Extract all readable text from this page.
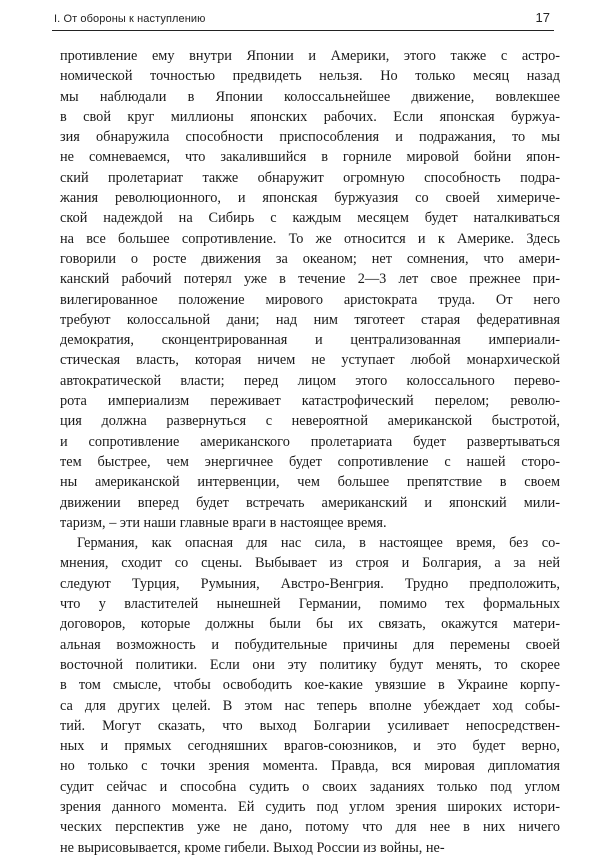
I. От обороны к наступлению	17
противление ему внутри Японии и Америки, этого также с астро-
номической точностью предвидеть нельзя. Но только месяц назад
мы наблюдали в Японии колоссальнейшее движение, вовлекшее
в свой круг миллионы японских рабочих. Если японская буржуа-
зия обнаружила способности приспособления и подражания, то мы
не сомневаемся, что закалившийся в горниле мировой бойни япон-
ский пролетариат также обнаружит огромную способность подра-
жания революционного, и японская буржуазия со своей химериче-
ской надеждой на Сибирь с каждым месяцем будет наталкиваться
на все большее сопротивление. То же относится и к Америке. Здесь
говорили о росте движения за океаном; нет сомнения, что амери-
канский рабочий потерял уже в течение 2—3 лет свое прежнее при-
вилегированное положение мирового аристократа труда. От него
требуют колоссальной дани; над ним тяготеет старая федеративная
демократия, сконцентрированная и централизованная империали-
стическая власть, которая ничем не уступает любой монархической
автократической власти; перед лицом этого колоссального перево-
рота империализм переживает катастрофический перелом; револю-
ция должна развернуться с невероятной американской быстротой,
и сопротивление американского пролетариата будет развертываться
тем быстрее, чем энергичнее будет сопротивление с нашей сторо-
ны американской интервенции, чем большее препятствие в своем
движении вперед будет встречать американский и японский мили-
таризм, – эти наши главные враги в настоящее время.
Германия, как опасная для нас сила, в настоящее время, без со-
мнения, сходит со сцены. Выбывает из строя и Болгария, а за ней
следуют Турция, Румыния, Австро-Венгрия. Трудно предположить,
что у властителей нынешней Германии, помимо тех формальных
договоров, которые должны были бы их связать, окажутся матери-
альная возможность и побудительные причины для перемены своей
восточной политики. Если они эту политику будут менять, то скорее
в том смысле, чтобы освободить кое-какие увязшие в Украине корпу-
са для других целей. В этом нас теперь вполне убеждает ход собы-
тий. Могут сказать, что выход Болгарии усиливает непосредствен-
ных и прямых сегодняшних врагов-союзников, и это будет верно,
но только с точки зрения момента. Правда, вся мировая дипломатия
судит сейчас и способна судить о своих заданиях только под углом
зрения данного момента. Ей судить под углом зрения широких истори-
ческих перспектив уже не дано, потому что для нее в них ничего
не вырисовывается, кроме гибели. Выход России из войны, не-
